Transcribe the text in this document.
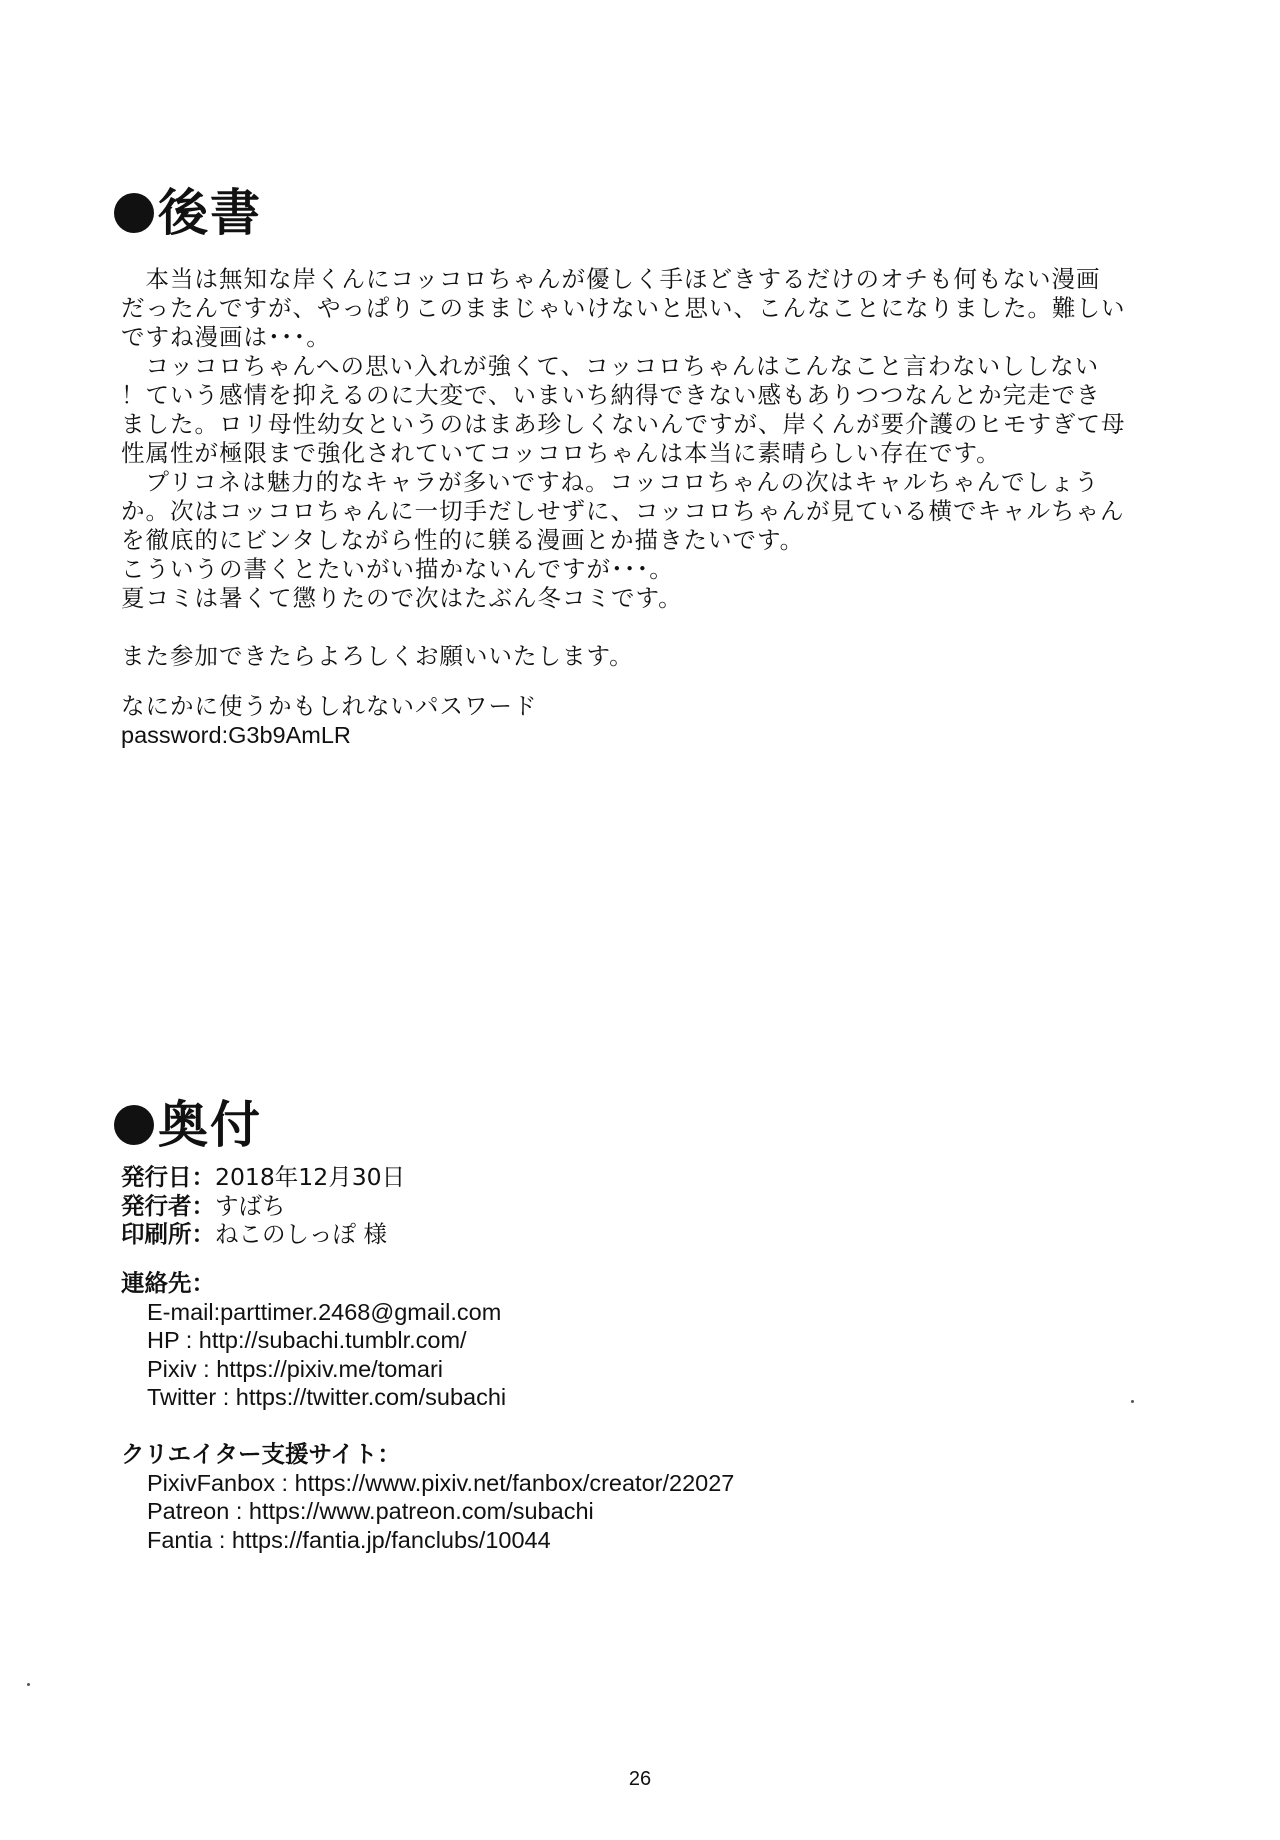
後書

　本当は無知な岸くんにコッコロちゃんが優しく手ほどきするだけのオチも何もない漫画

だったんですが、やっぱりこのままじゃいけないと思い、こんなことになりました。難しい

ですね漫画は･･･。

　コッコロちゃんへの思い入れが強くて、コッコロちゃんはこんなこと言わないししない

！ていう感情を抑えるのに大変で、いまいち納得できない感もありつつなんとか完走でき

ました。ロリ母性幼女というのはまあ珍しくないんですが、岸くんが要介護のヒモすぎて母

性属性が極限まで強化されていてコッコロちゃんは本当に素晴らしい存在です。

　プリコネは魅力的なキャラが多いですね。コッコロちゃんの次はキャルちゃんでしょう

か。次はコッコロちゃんに一切手だしせずに、コッコロちゃんが見ている横でキャルちゃん

を徹底的にビンタしながら性的に躾る漫画とか描きたいです。

こういうの書くとたいがい描かないんですが･･･。

夏コミは暑くて懲りたので次はたぶん冬コミです。

また参加できたらよろしくお願いいたします。

なにかに使うかもしれないパスワード

password:G3b9AmLR

奥付
発行日：2018年12月30日
発行者：すばち
印刷所：ねこのしっぽ 様
連絡先：
E-mail:parttimer.2468@gmail.com
HP : http://subachi.tumblr.com/
Pixiv : https://pixiv.me/tomari
Twitter : https://twitter.com/subachi
クリエイター支援サイト：
PixivFanbox : https://www.pixiv.net/fanbox/creator/22027
Patreon : https://www.patreon.com/subachi
Fantia : https://fantia.jp/fanclubs/10044
26
